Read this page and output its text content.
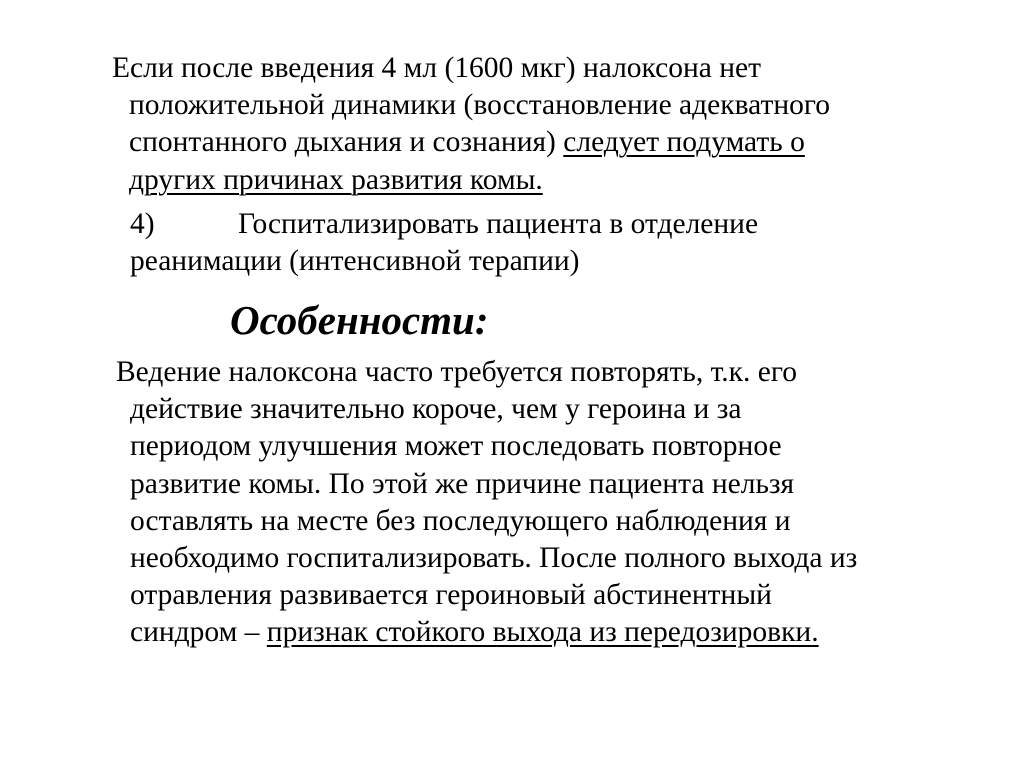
Если после введения 4 мл (1600 мкг) налоксона нет
положительной динамики (восстановление адекватного
спонтанного дыхания и сознания) следует подумать о
других причинах развития комы.
4)	Госпитализировать пациента в отделение
реанимации (интенсивной терапии)
Особенности:
Ведение налоксона часто требуется повторять, т.к. его
действие значительно короче, чем у героина и за
периодом улучшения может последовать повторное
развитие комы. По этой же причине пациента нельзя
оставлять на месте без последующего наблюдения и
необходимо госпитализировать. После полного выхода из
отравления развивается героиновый абстинентный
синдром – признак стойкого выхода из передозировки.
